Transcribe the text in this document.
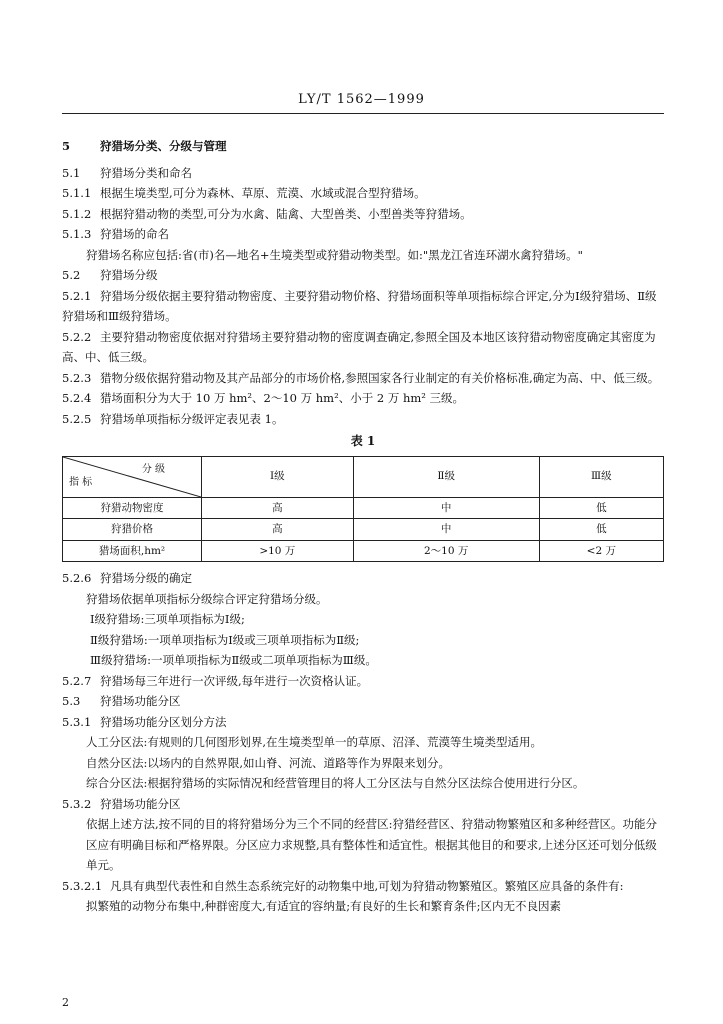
LY/T 1562—1999

5	狩猎场分类、分级与管理

5.1 狩猎场分类和命名

5.1.1 根据生境类型,可分为森林、草原、荒漠、水域或混合型狩猎场。

5.1.2 根据狩猎动物的类型,可分为水禽、陆禽、大型兽类、小型兽类等狩猎场。

5.1.3 狩猎场的命名

狩猎场名称应包括:省(市)名—地名+生境类型或狩猎动物类型。如:"黑龙江省连环湖水禽狩猎场。"

5.2 狩猎场分级

5.2.1 狩猎场分级依据主要狩猎动物密度、主要狩猎动物价格、狩猎场面积等单项指标综合评定,分为Ⅰ级狩猎场、Ⅱ级狩猎场和Ⅲ级狩猎场。

5.2.2 主要狩猎动物密度依据对狩猎场主要狩猎动物的密度调查确定,参照全国及本地区该狩猎动物密度确定其密度为高、中、低三级。

5.2.3 猎物分级依据狩猎动物及其产品部分的市场价格,参照国家各行业制定的有关价格标准,确定为高、中、低三级。

5.2.4 猎场面积分为大于 10 万 hm²、2～10 万 hm²、小于 2 万 hm² 三级。

5.2.5 狩猎场单项指标分级评定表见表 1。

表 1
分 级
指 标	Ⅰ级	Ⅱ级	Ⅲ级
狩猎动物密度	高	中	低
狩猎价格	高	中	低
猎场面积,hm²	>10 万	2～10 万	<2 万

5.2.6 狩猎场分级的确定

狩猎场依据单项指标分级综合评定狩猎场分级。

Ⅰ级狩猎场:三项单项指标为Ⅰ级;

Ⅱ级狩猎场:一项单项指标为Ⅰ级或三项单项指标为Ⅱ级;

Ⅲ级狩猎场:一项单项指标为Ⅱ级或二项单项指标为Ⅲ级。

5.2.7 狩猎场每三年进行一次评级,每年进行一次资格认证。

5.3 狩猎场功能分区

5.3.1 狩猎场功能分区划分方法

人工分区法:有规则的几何图形划界,在生境类型单一的草原、沼泽、荒漠等生境类型适用。

自然分区法:以场内的自然界限,如山脊、河流、道路等作为界限来划分。

综合分区法:根据狩猎场的实际情况和经营管理目的将人工分区法与自然分区法综合使用进行分区。

5.3.2 狩猎场功能分区

依据上述方法,按不同的目的将狩猎场分为三个不同的经营区:狩猎经营区、狩猎动物繁殖区和多种经营区。功能分区应有明确目标和严格界限。分区应力求规整,具有整体性和适宜性。根据其他目的和要求,上述分区还可划分低级单元。

5.3.2.1 凡具有典型代表性和自然生态系统完好的动物集中地,可划为狩猎动物繁殖区。繁殖区应具备的条件有:

拟繁殖的动物分布集中,种群密度大,有适宜的容纳量;有良好的生长和繁育条件;区内无不良因素

2
